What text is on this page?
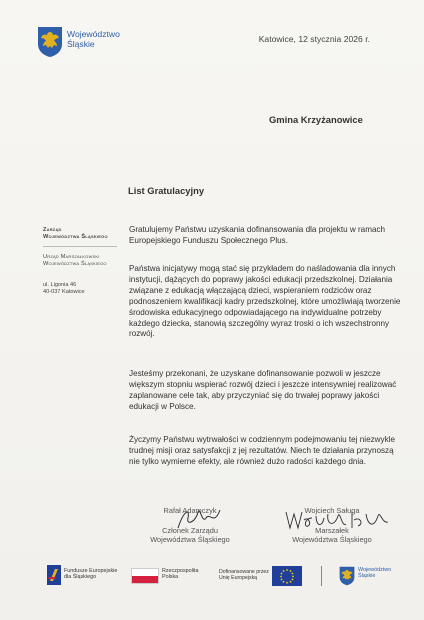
Województwo
Śląskie	Katowice, 12 stycznia 2026 r.
Gmina Krzyżanowice
List Gratulacyjny
Zarząd
Województwa Śląskiego
Urząd Marszałkowski
Województwa Śląskiego
ul. Ligonia 46
40-037 Katowice

Gratulujemy Państwu uzyskania dofinansowania dla projektu w ramach Europejskiego Funduszu Społecznego Plus.

Państwa inicjatywy mogą stać się przykładem do naśladowania dla innych instytucji, dążących do poprawy jakości edukacji przedszkolnej. Działania związane z edukacją włączającą dzieci, wspieraniem rodziców oraz podnoszeniem kwalifikacji kadry przedszkolnej, które umożliwiają tworzenie środowiska edukacyjnego odpowiadającego na indywidualne potrzeby każdego dziecka, stanowią szczególny wyraz troski o ich wszechstronny rozwój.

Jesteśmy przekonani, że uzyskane dofinansowanie pozwoli w jeszcze większym stopniu wspierać rozwój dzieci i jeszcze intensywniej realizować zaplanowane cele tak, aby przyczyniać się do trwałej poprawy jakości edukacji w Polsce.

Życzymy Państwu wytrwałości w codziennym podejmowaniu tej niezwykle trudnej misji oraz satysfakcji z jej rezultatów. Niech te działania przynoszą nie tylko wymierne efekty, ale również dużo radości każdego dnia.

Rafał Adamczyk
Członek Zarządu
Województwa Śląskiego
Wojciech Saługa
Marszałek
Województwa Śląskiego
Fundusze Europejskie
dla Śląskiego
Rzeczpospolita
Polska
Dofinansowane przez
Unię Europejską
Województwo
Śląskie
